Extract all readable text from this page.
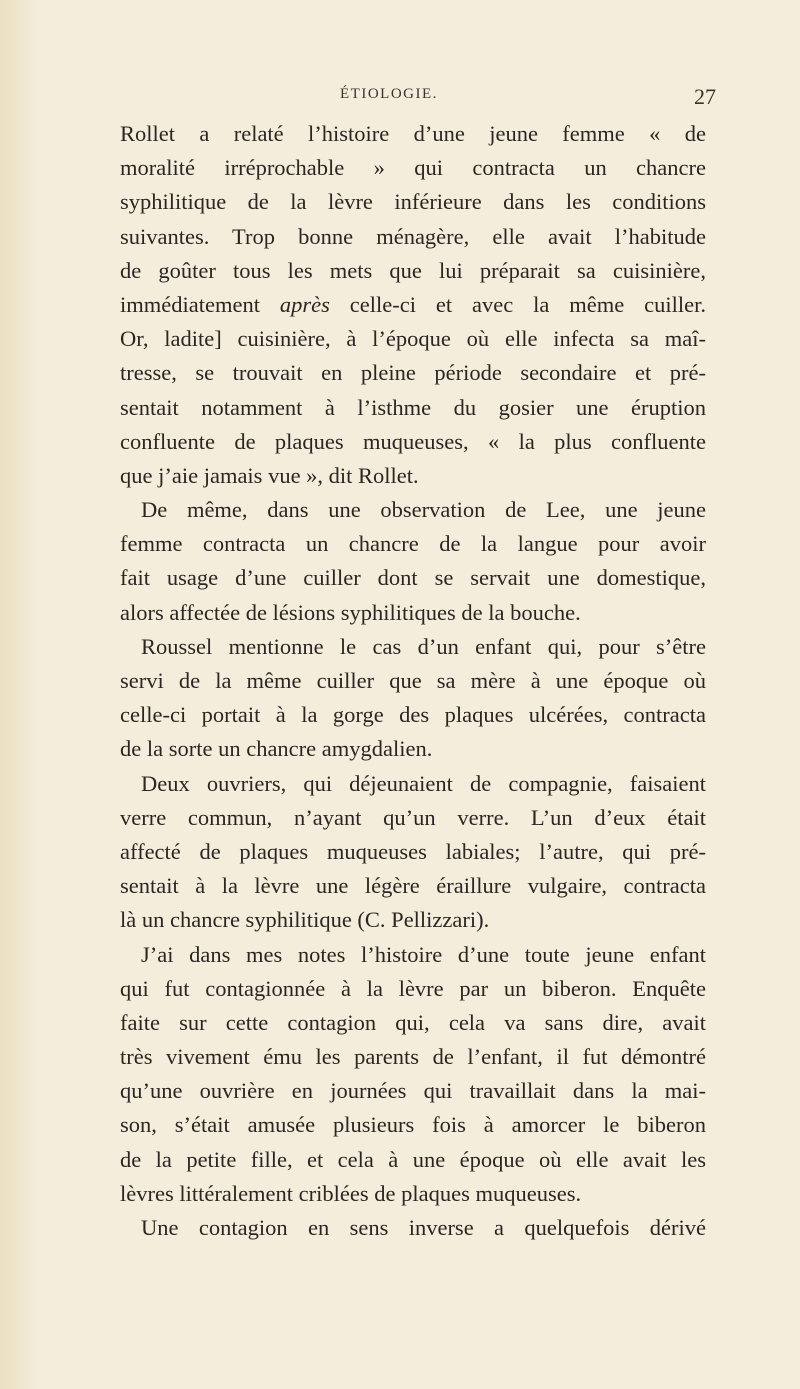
ÉTIOLOGIE.	27
Rollet a relaté l’histoire d’une jeune femme « de
moralité irréprochable » qui contracta un chancre
syphilitique de la lèvre inférieure dans les conditions
suivantes. Trop bonne ménagère, elle avait l’habitude
de goûter tous les mets que lui préparait sa cuisinière,
immédiatement après celle-ci et avec la même cuiller.
Or, ladite] cuisinière, à l’époque où elle infecta sa maî-
tresse, se trouvait en pleine période secondaire et pré-
sentait notamment à l’isthme du gosier une éruption
confluente de plaques muqueuses, « la plus confluente
que j’aie jamais vue », dit Rollet.
De même, dans une observation de Lee, une jeune
femme contracta un chancre de la langue pour avoir
fait usage d’une cuiller dont se servait une domestique,
alors affectée de lésions syphilitiques de la bouche.
Roussel mentionne le cas d’un enfant qui, pour s’être
servi de la même cuiller que sa mère à une époque où
celle-ci portait à la gorge des plaques ulcérées, contracta
de la sorte un chancre amygdalien.
Deux ouvriers, qui déjeunaient de compagnie, faisaient
verre commun, n’ayant qu’un verre. L’un d’eux était
affecté de plaques muqueuses labiales; l’autre, qui pré-
sentait à la lèvre une légère éraillure vulgaire, contracta
là un chancre syphilitique (C. Pellizzari).
J’ai dans mes notes l’histoire d’une toute jeune enfant
qui fut contagionnée à la lèvre par un biberon. Enquête
faite sur cette contagion qui, cela va sans dire, avait
très vivement ému les parents de l’enfant, il fut démontré
qu’une ouvrière en journées qui travaillait dans la mai-
son, s’était amusée plusieurs fois à amorcer le biberon
de la petite fille, et cela à une époque où elle avait les
lèvres littéralement criblées de plaques muqueuses.
Une contagion en sens inverse a quelquefois dérivé
